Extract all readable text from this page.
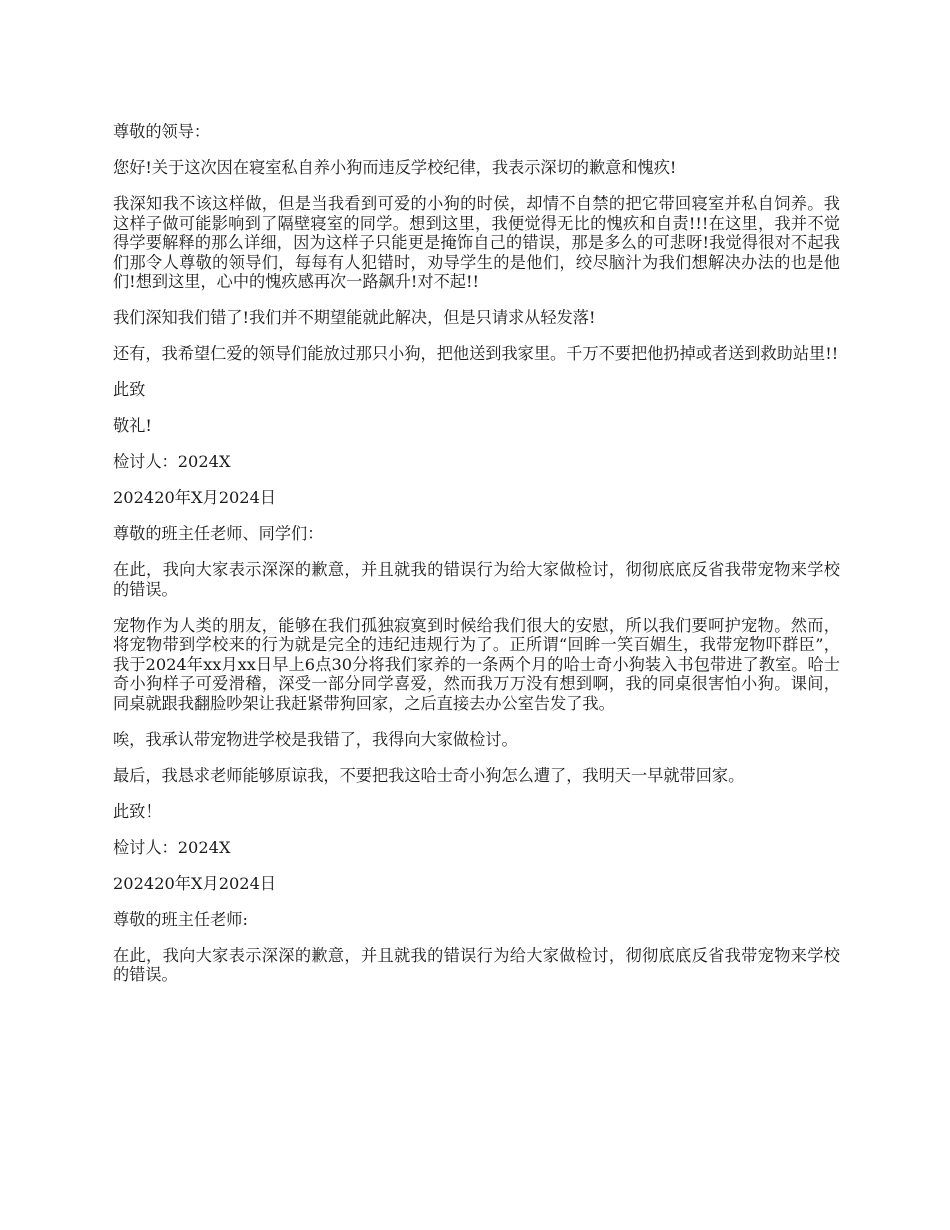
尊敬的领导：

您好!关于这次因在寝室私自养小狗而违反学校纪律，我表示深切的歉意和愧疚!

我深知我不该这样做，但是当我看到可爱的小狗的时侯，却情不自禁的把它带回寝室并私自饲养。我这样子做可能影响到了隔壁寝室的同学。想到这里，我便觉得无比的愧疚和自责!!!在这里，我并不觉得学要解释的那么详细，因为这样子只能更是掩饰自己的错误，那是多么的可悲呀!我觉得很对不起我们那令人尊敬的领导们，每每有人犯错时，劝导学生的是他们，绞尽脑汁为我们想解决办法的也是他们!想到这里，心中的愧疚感再次一路飙升!对不起!!

我们深知我们错了!我们并不期望能就此解决，但是只请求从轻发落!

还有，我希望仁爱的领导们能放过那只小狗，把他送到我家里。千万不要把他扔掉或者送到救助站里!!

此致

敬礼!

检讨人：2024X

202420年X月2024日

尊敬的班主任老师、同学们：

在此，我向大家表示深深的歉意，并且就我的错误行为给大家做检讨，彻彻底底反省我带宠物来学校的错误。

宠物作为人类的朋友，能够在我们孤独寂寞到时候给我们很大的安慰，所以我们要呵护宠物。然而，将宠物带到学校来的行为就是完全的违纪违规行为了。正所谓“回眸一笑百媚生，我带宠物吓群臣”，我于2024年xx月xx日早上6点30分将我们家养的一条两个月的哈士奇小狗装入书包带进了教室。哈士奇小狗样子可爱滑稽，深受一部分同学喜爱，然而我万万没有想到啊，我的同桌很害怕小狗。课间，同桌就跟我翻脸吵架让我赶紧带狗回家，之后直接去办公室告发了我。

唉，我承认带宠物进学校是我错了，我得向大家做检讨。

最后，我恳求老师能够原谅我，不要把我这哈士奇小狗怎么遭了，我明天一早就带回家。

此致！

检讨人：2024X

202420年X月2024日

尊敬的班主任老师:

在此，我向大家表示深深的歉意，并且就我的错误行为给大家做检讨，彻彻底底反省我带宠物来学校的错误。
